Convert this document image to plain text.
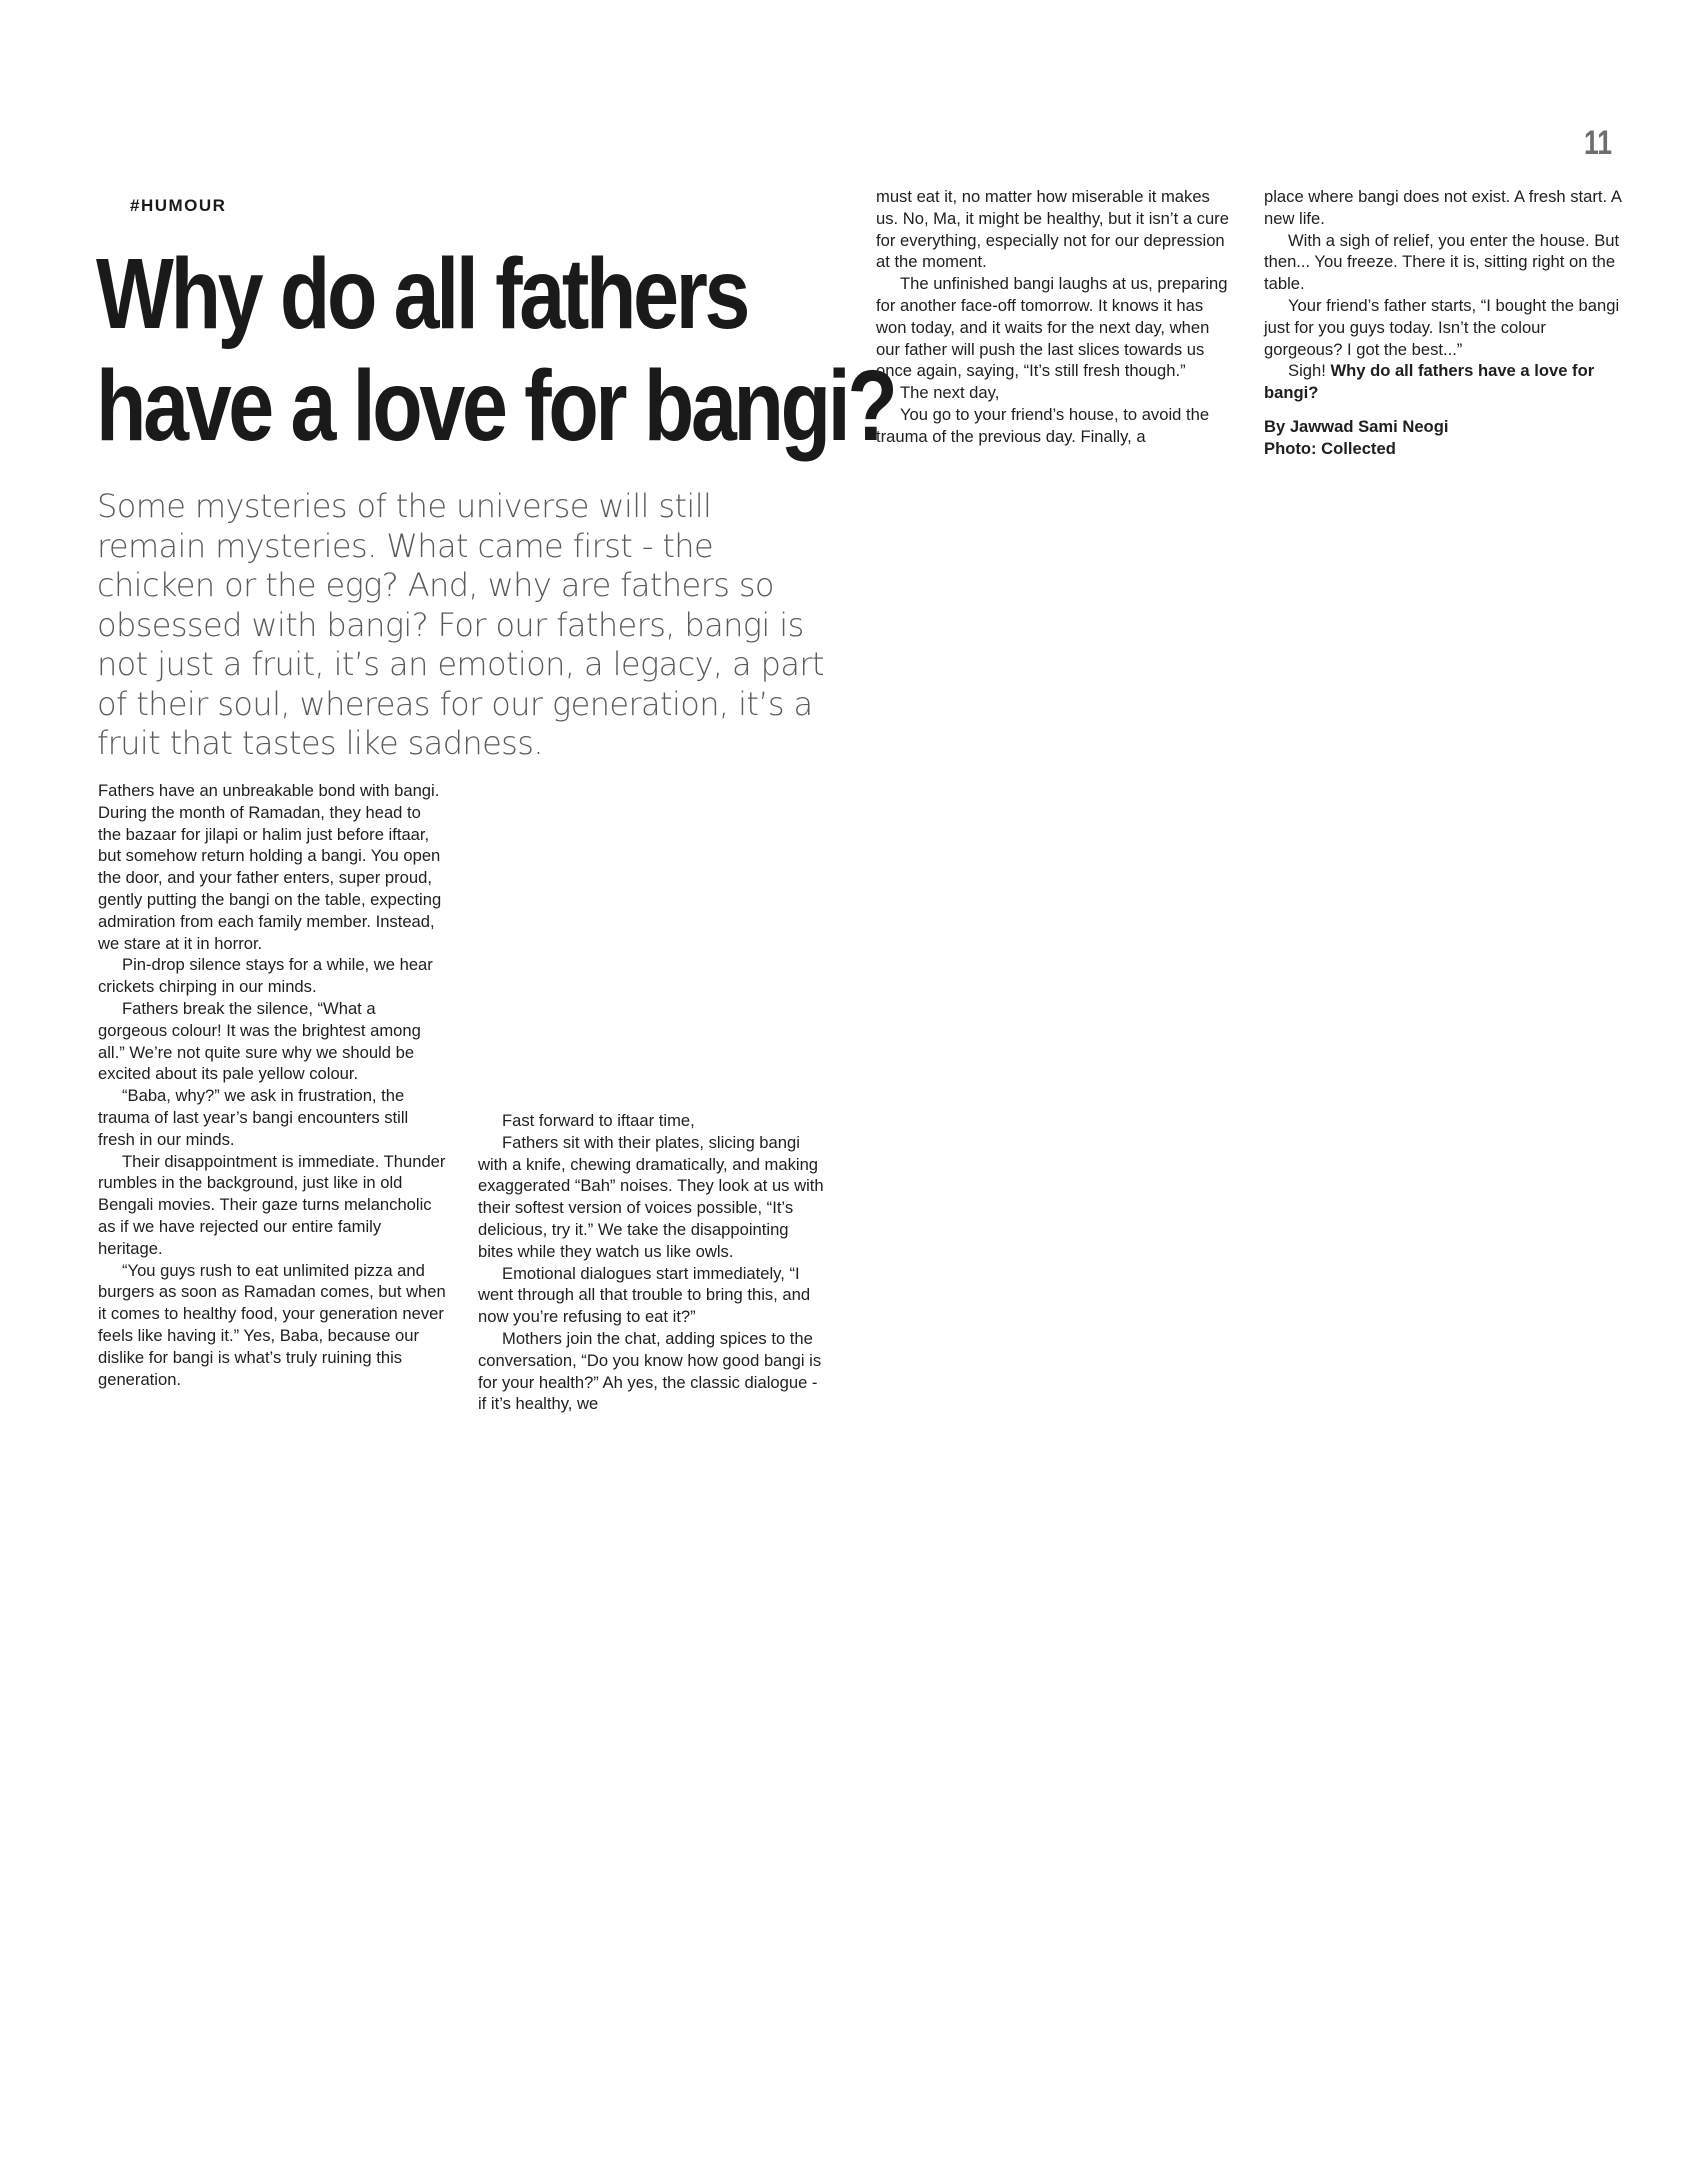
11
#HUMOUR
Why do all fathers
have a love for bangi?

Some mysteries of the universe will still remain mysteries. What came first - the chicken or the egg? And, why are fathers so obsessed with bangi? For our fathers, bangi is not just a fruit, it’s an emotion, a legacy, a part of their soul, whereas for our generation, it’s a fruit that tastes like sadness.

Fathers have an unbreakable bond with bangi. During the month of Ramadan, they head to the bazaar for jilapi or halim just before iftaar, but somehow return holding a bangi. You open the door, and your father enters, super proud, gently putting the bangi on the table, expecting admiration from each family member. Instead, we stare at it in horror.

Pin-drop silence stays for a while, we hear crickets chirping in our minds.

Fathers break the silence, “What a gorgeous colour! It was the brightest among all.” We’re not quite sure why we should be excited about its pale yellow colour.

“Baba, why?” we ask in frustration, the trauma of last year’s bangi encounters still fresh in our minds.

Their disappointment is immediate. Thunder rumbles in the background, just like in old Bengali movies. Their gaze turns melancholic as if we have rejected our entire family heritage.

“You guys rush to eat unlimited pizza and burgers as soon as Ramadan comes, but when it comes to healthy food, your generation never feels like having it.” Yes, Baba, because our dislike for bangi is what’s truly ruining this generation.

Fast forward to iftaar time,

Fathers sit with their plates, slicing bangi with a knife, chewing dramatically, and making exaggerated “Bah” noises. They look at us with their softest version of voices possible, “It’s delicious, try it.” We take the disappointing bites while they watch us like owls.

Emotional dialogues start immediately, “I went through all that trouble to bring this, and now you’re refusing to eat it?”

Mothers join the chat, adding spices to the conversation, “Do you know how good bangi is for your health?” Ah yes, the classic dialogue - if it’s healthy, we

must eat it, no matter how miserable it makes us. No, Ma, it might be healthy, but it isn’t a cure for everything, especially not for our depression at the moment.

The unfinished bangi laughs at us, preparing for another face-off tomorrow. It knows it has won today, and it waits for the next day, when our father will push the last slices towards us once again, saying, “It’s still fresh though.”

The next day,

You go to your friend’s house, to avoid the trauma of the previous day. Finally, a

place where bangi does not exist. A fresh start. A new life.

With a sigh of relief, you enter the house. But then... You freeze. There it is, sitting right on the table.

Your friend’s father starts, “I bought the bangi just for you guys today. Isn’t the colour gorgeous? I got the best...”

Sigh! Why do all fathers have a love for bangi?

By Jawwad Sami Neogi

Photo: Collected
